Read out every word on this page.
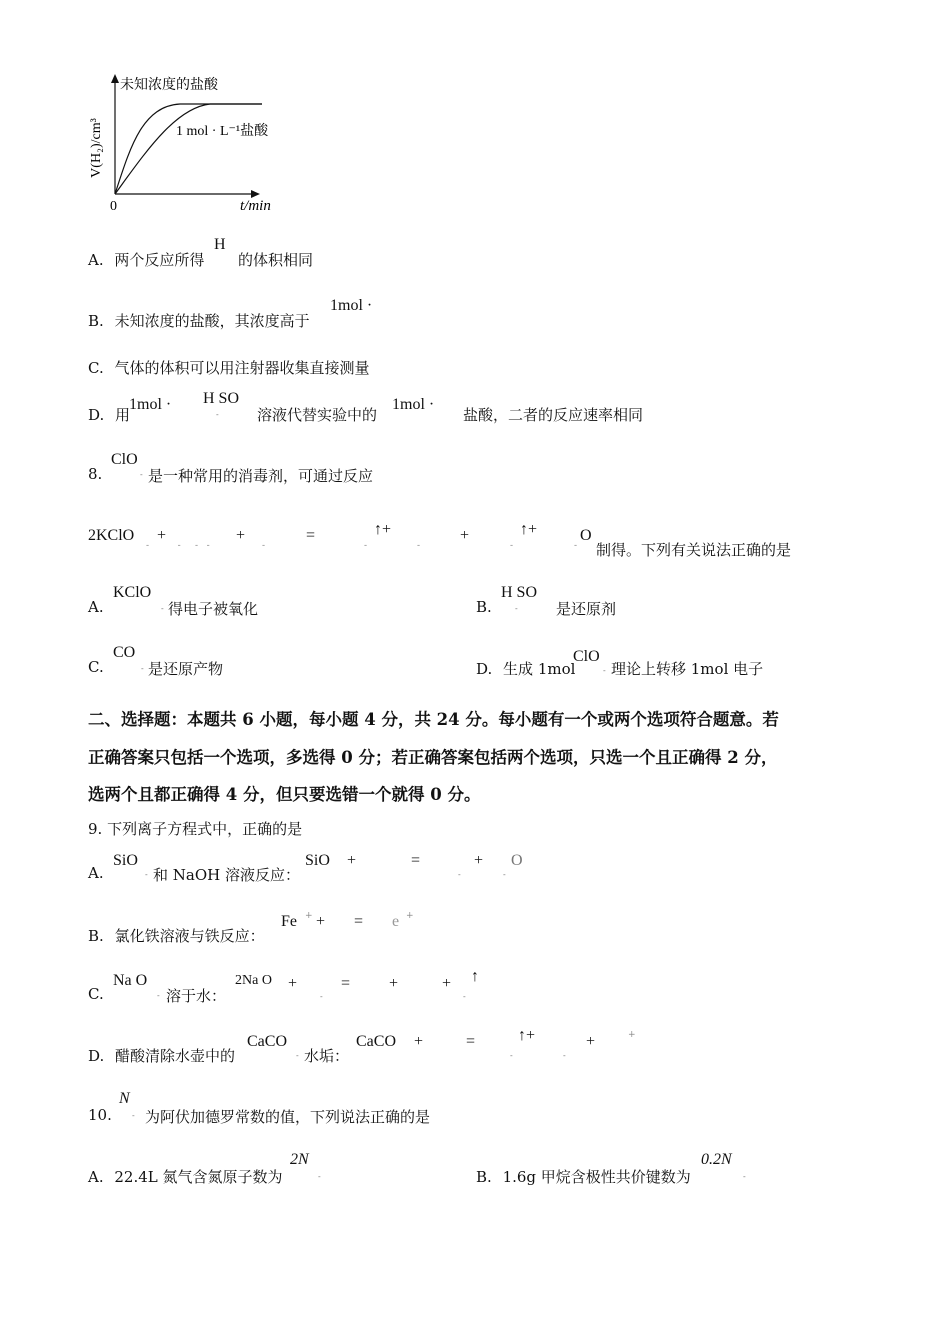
V(H₂)/cm³
未知浓度的盐酸
1 mol · L⁻¹盐酸
0	t/min
A. 两个反应所得
H
的体积相同
B. 未知浓度的盐酸，其浓度高于
1mol ·
C. 气体的体积可以用注射器收集直接测量
D. 用
1mol · H SO
-	溶液代替实验中的
1mol ·
盐酸，二者的反应速率相同
8.
ClO
- 是一种常用的消毒剂，可通过反应
2KClO +
-          -     -   -
+
-
=
-
↑+
-
+
-
↑+
-
O
制得。下列有关说法正确的是
A.
KClO
- 得电子被氧化	B.
H SO
-	是还原剂
C.
CO
- 是还原产物	D. 生成 1mol
ClO
- 理论上转移 1mol 电子
二、选择题：本题共 6 小题，每小题 4 分，共 24 分。每小题有一个或两个选项符合题意。若
正确答案只包括一个选项，多选得 0 分；若正确答案包括两个选项，只选一个且正确得 2 分，
选两个且都正确得 4 分，但只要选错一个就得 0 分。
9. 下列离子方程式中，正确的是
A.
SiO
- 和 NaOH 溶液反应：
SiO +	=
-
+
-
O
B. 氯化铁溶液与铁反应：
Fe + + = e +
C.
Na O
- 溶于水：
2Na O +
-
= +	+
-
↑
D. 醋酸清除水壶中的
CaCO
- 水垢：
CaCO +	=
-
↑+
-
+	+
10.
N
- 为阿伏加德罗常数的值，下列说法正确的是
A. 22.4L 氮气含氮原子数为
2N
-	B. 1.6g 甲烷含极性共价键数为
0.2N
-
